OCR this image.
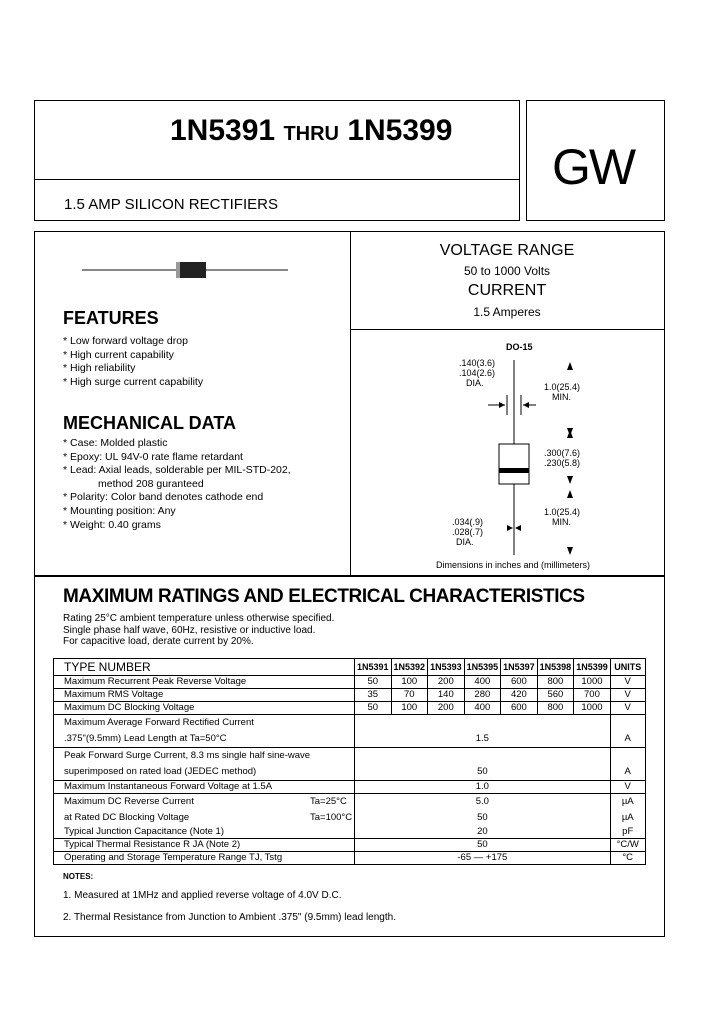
1N5391 THRU 1N5399
1.5 AMP SILICON RECTIFIERS
GW
FEATURES
* Low forward voltage drop
* High current capability
* High reliability
* High surge current capability
MECHANICAL DATA
* Case: Molded plastic
* Epoxy: UL 94V-0 rate flame retardant
* Lead: Axial leads, solderable per MIL-STD-202,
method 208 guranteed
* Polarity: Color band denotes cathode end
* Mounting position: Any
* Weight: 0.40 grams
VOLTAGE RANGE
50 to 1000 Volts
CURRENT
1.5 Amperes
DO-15
.140(3.6)
.104(2.6)
DIA.	1.0(25.4)
MIN.
.300(7.6)
.230(5.8)
1.0(25.4)
MIN.
.034(.9)
.028(.7)
DIA.
Dimensions in inches and (millimeters)
MAXIMUM RATINGS AND ELECTRICAL CHARACTERISTICS
Rating 25°C ambient temperature unless otherwise specified.
Single phase half wave, 60Hz, resistive or inductive load.
For capacitive load, derate current by 20%.
TYPE NUMBER	1N5391	1N5392	1N5393	1N5395	1N5397	1N5398	1N5399	UNITS
Maximum Recurrent Peak Reverse Voltage	50	100	200	400	600	800	1000	V
Maximum RMS Voltage	35	70	140	280	420	560	700	V
Maximum DC Blocking Voltage	50	100	200	400	600	800	1000	V
Maximum Average Forward Rectified Current								
.375"(9.5mm) Lead Length at Ta=50°C	1.5							A
Peak Forward Surge Current, 8.3 ms single half sine-wave								
superimposed on rated load (JEDEC method)	50							A
Maximum Instantaneous Forward Voltage at 1.5A	1.0							V
Maximum DC Reverse Current Ta=25°C	5.0							µA
at Rated DC Blocking Voltage Ta=100°C	50							µA
Typical Junction Capacitance (Note 1)	20							pF
Typical Thermal Resistance R JA (Note 2)	50							°C/W
Operating and Storage Temperature Range TJ, Tstg	-65 — +175							°C
NOTES:
1. Measured at 1MHz and applied reverse voltage of 4.0V D.C.
2. Thermal Resistance from Junction to Ambient .375" (9.5mm) lead length.
